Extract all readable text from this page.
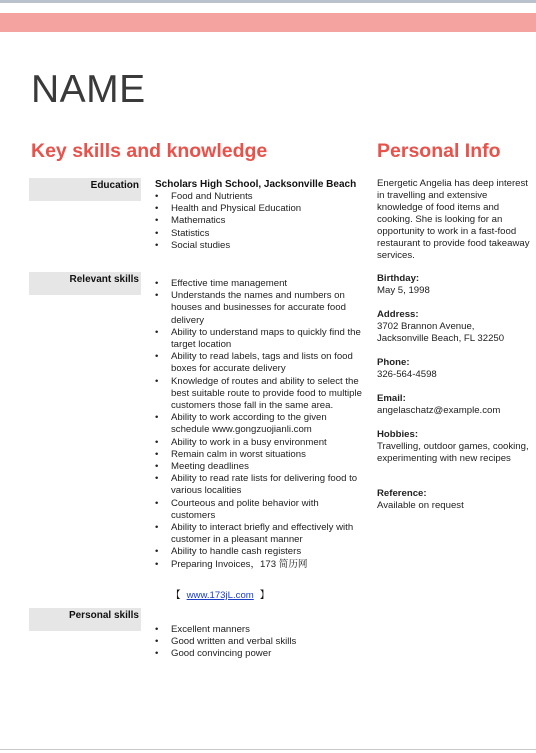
NAME
Key skills and knowledge	Personal Info
Education Scholars High School, Jacksonville Beach
• Food and Nutrients
• Health and Physical Education
• Mathematics
• Statistics
• Social studies
Relevant skills
•	Effective time management
• Understands the names and numbers on houses and businesses for accurate food delivery
• Ability to understand maps to quickly find the target location
• Ability to read labels, tags and lists on food boxes for accurate delivery
• Knowledge of routes and ability to select the best suitable route to provide food to multiple customers those fall in the same area.
• Ability to work according to the given schedule www.gongzuojianli.com
• Ability to work in a busy environment
• Remain calm in worst situations
• Meeting deadlines
• Ability to read rate lists for delivering food to various localities
• Courteous and polite behavior with customers
• Ability to interact briefly and effectively with customer in a pleasant manner
• Ability to handle cash registers
• Preparing Invoices，173 简历网
【 www.173jL.com 】
Personal skills
• Excellent manners
• Good written and verbal skills
• Good convincing power
Energetic Angelia has deep interest in travelling and extensive knowledge of food items and cooking. She is looking for an opportunity to work in a fast-food restaurant to provide food takeaway services.
Birthday:
May 5, 1998
Address:
3702 Brannon Avenue,
Jacksonville Beach, FL 32250
Phone:
326-564-4598
Email:
angelaschatz@example.com
Hobbies:
Travelling, outdoor games, cooking, experimenting with new recipes
Reference:
Available on request
